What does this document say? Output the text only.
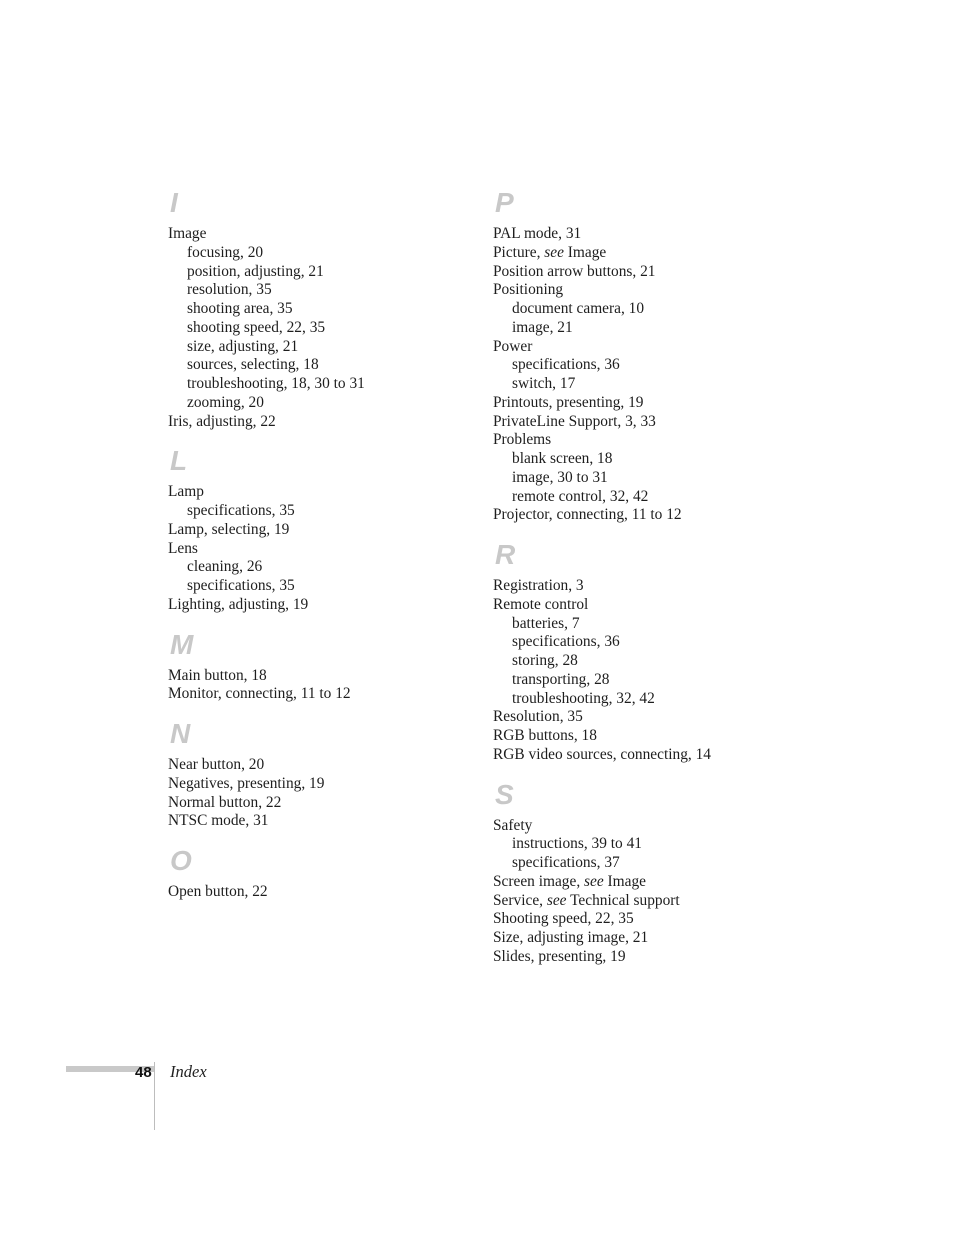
I
Image
focusing, 20
position, adjusting, 21
resolution, 35
shooting area, 35
shooting speed, 22, 35
size, adjusting, 21
sources, selecting, 18
troubleshooting, 18, 30 to 31
zooming, 20
Iris, adjusting, 22
L
Lamp
specifications, 35
Lamp, selecting, 19
Lens
cleaning, 26
specifications, 35
Lighting, adjusting, 19
M
Main button, 18
Monitor, connecting, 11 to 12
N
Near button, 20
Negatives, presenting, 19
Normal button, 22
NTSC mode, 31
O
Open button, 22
P
PAL mode, 31
Picture, see Image
Position arrow buttons, 21
Positioning
document camera, 10
image, 21
Power
specifications, 36
switch, 17
Printouts, presenting, 19
PrivateLine Support, 3, 33
Problems
blank screen, 18
image, 30 to 31
remote control, 32, 42
Projector, connecting, 11 to 12
R
Registration, 3
Remote control
batteries, 7
specifications, 36
storing, 28
transporting, 28
troubleshooting, 32, 42
Resolution, 35
RGB buttons, 18
RGB video sources, connecting, 14
S
Safety
instructions, 39 to 41
specifications, 37
Screen image, see Image
Service, see Technical support
Shooting speed, 22, 35
Size, adjusting image, 21
Slides, presenting, 19
48 Index
